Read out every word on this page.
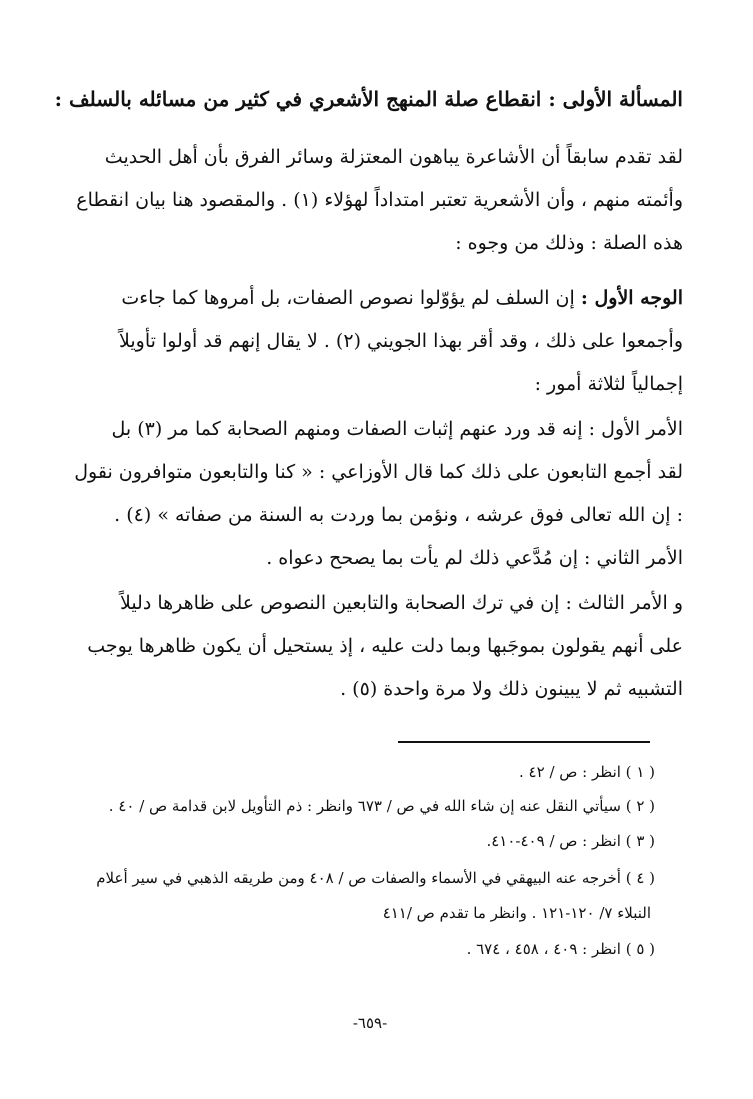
المسألة الأولى : انقطاع صلة المنهج الأشعري في كثير من مسائله بالسلف :
لقد تقدم سابقاً أن الأشاعرة يباهون المعتزلة وسائر الفرق بأن أهل الحديث
وأئمته منهم ، وأن الأشعرية تعتبر امتداداً لهؤلاء (١) . والمقصود هنا بيان انقطاع
هذه الصلة : وذلك من وجوه :
الوجه الأول : إن السلف لم يؤوّلوا نصوص الصفات، بل أمروها كما جاءت
وأجمعوا على ذلك ، وقد أقر بهذا الجويني (٢) . لا يقال إنهم قد أولوا تأويلاً
إجمالياً لثلاثة أمور :
الأمر الأول : إنه قد ورد عنهم إثبات الصفات ومنهم الصحابة كما مر (٣) بل
لقد أجمع التابعون على ذلك كما قال الأوزاعي : « كنا والتابعون متوافرون نقول
: إن الله تعالى فوق عرشه ، ونؤمن بما وردت به السنة من صفاته » (٤) .
الأمر الثاني : إن مُدَّعي ذلك لم يأت بما يصحح دعواه .
و الأمر الثالث : إن في ترك الصحابة والتابعين النصوص على ظاهرها دليلاً
على أنهم يقولون بموجَبها وبما دلت عليه ، إذ يستحيل أن يكون ظاهرها يوجب
التشبيه ثم لا يبينون ذلك ولا مرة واحدة (٥) .
( ١ ) انظر : ص / ٤٢ .
( ٢ ) سيأتي النقل عنه إن شاء الله في ص / ٦٧٣ وانظر : ذم التأويل لابن قدامة ص / ٤٠ .
( ٣ ) انظر : ص / ٤٠٩-٤١٠.
( ٤ ) أخرجه عنه البيهقي في الأسماء والصفات ص / ٤٠٨ ومن طريقه الذهبي في سير أعلام
النبلاء ٧/ ١٢٠-١٢١ . وانظر ما تقدم ص /٤١١
( ٥ ) انظر : ٤٠٩ ، ٤٥٨ ، ٦٧٤ .
-٦٥٩-
